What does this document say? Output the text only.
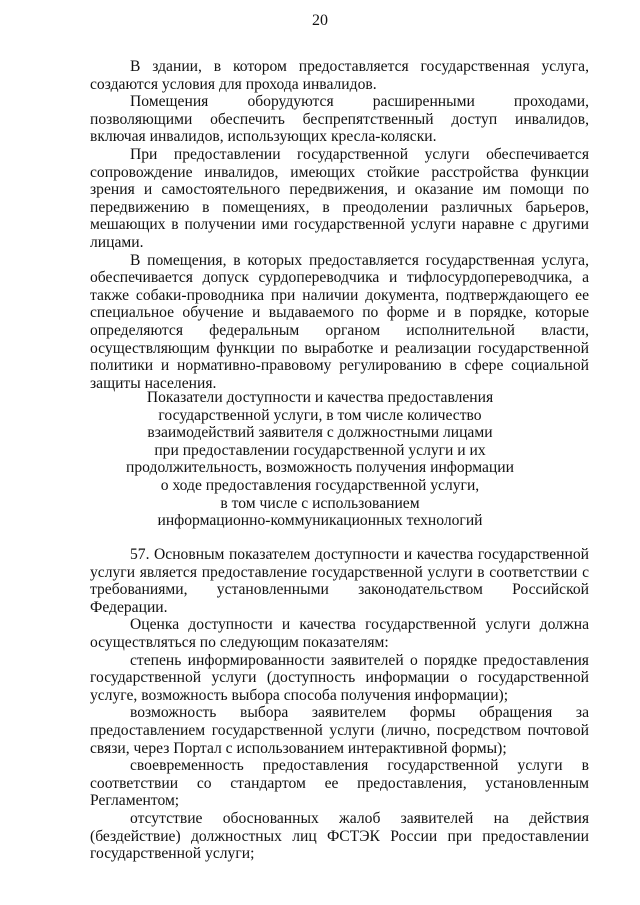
20

В здании, в котором предоставляется государственная услуга, создаются условия для прохода инвалидов.

Помещения оборудуются расширенными проходами, позволяющими обеспечить беспрепятственный доступ инвалидов, включая инвалидов, использующих кресла-коляски.

При предоставлении государственной услуги обеспечивается сопровождение инвалидов, имеющих стойкие расстройства функции зрения и самостоятельного передвижения, и оказание им помощи по передвижению в помещениях, в преодолении различных барьеров, мешающих в получении ими государственной услуги наравне с другими лицами.

В помещения, в которых предоставляется государственная услуга, обеспечивается допуск сурдопереводчика и тифлосурдопереводчика, а также собаки-проводника при наличии документа, подтверждающего ее специальное обучение и выдаваемого по форме и в порядке, которые определяются федеральным органом исполнительной власти, осуществляющим функции по выработке и реализации государственной политики и нормативно-правовому регулированию в сфере социальной защиты населения.

Показатели доступности и качества предоставления
государственной услуги, в том числе количество
взаимодействий заявителя с должностными лицами
при предоставлении государственной услуги и их
продолжительность, возможность получения информации
о ходе предоставления государственной услуги,
в том числе с использованием
информационно-коммуникационных технологий

57. Основным показателем доступности и качества государственной услуги является предоставление государственной услуги в соответствии с требованиями, установленными законодательством Российской Федерации.

Оценка доступности и качества государственной услуги должна осуществляться по следующим показателям:

степень информированности заявителей о порядке предоставления государственной услуги (доступность информации о государственной услуге, возможность выбора способа получения информации);

возможность выбора заявителем формы обращения за предоставлением государственной услуги (лично, посредством почтовой связи, через Портал с использованием интерактивной формы);

своевременность предоставления государственной услуги в соответствии со стандартом ее предоставления, установленным Регламентом;

отсутствие обоснованных жалоб заявителей на действия (бездействие) должностных лиц ФСТЭК России при предоставлении государственной услуги;
